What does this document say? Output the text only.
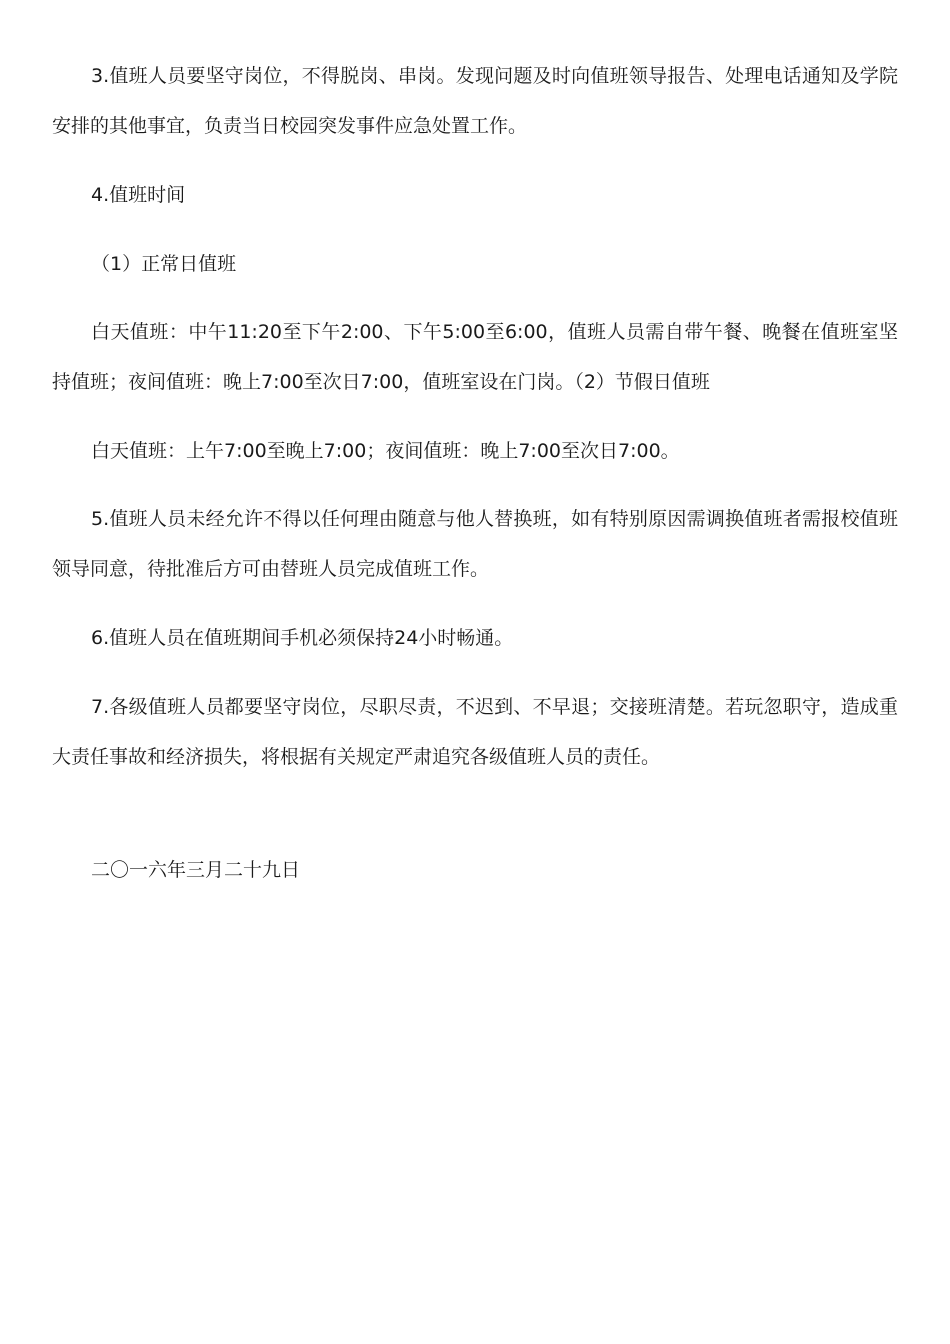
3.值班人员要坚守岗位，不得脱岗、串岗。发现问题及时向值班领导报告、处理电话通知及学院安排的其他事宜，负责当日校园突发事件应急处置工作。

4.值班时间

（1）正常日值班

白天值班：中午11:20至下午2:00、下午5:00至6:00，值班人员需自带午餐、晚餐在值班室坚持值班；夜间值班：晚上7:00至次日7:00，值班室设在门岗。（2）节假日值班

白天值班：上午7:00至晚上7:00；夜间值班：晚上7:00至次日7:00。

5.值班人员未经允许不得以任何理由随意与他人替换班，如有特别原因需调换值班者需报校值班领导同意，待批准后方可由替班人员完成值班工作。

6.值班人员在值班期间手机必须保持24小时畅通。

7.各级值班人员都要坚守岗位，尽职尽责，不迟到、不早退；交接班清楚。若玩忽职守，造成重大责任事故和经济损失，将根据有关规定严肃追究各级值班人员的责任。

二〇一六年三月二十九日
